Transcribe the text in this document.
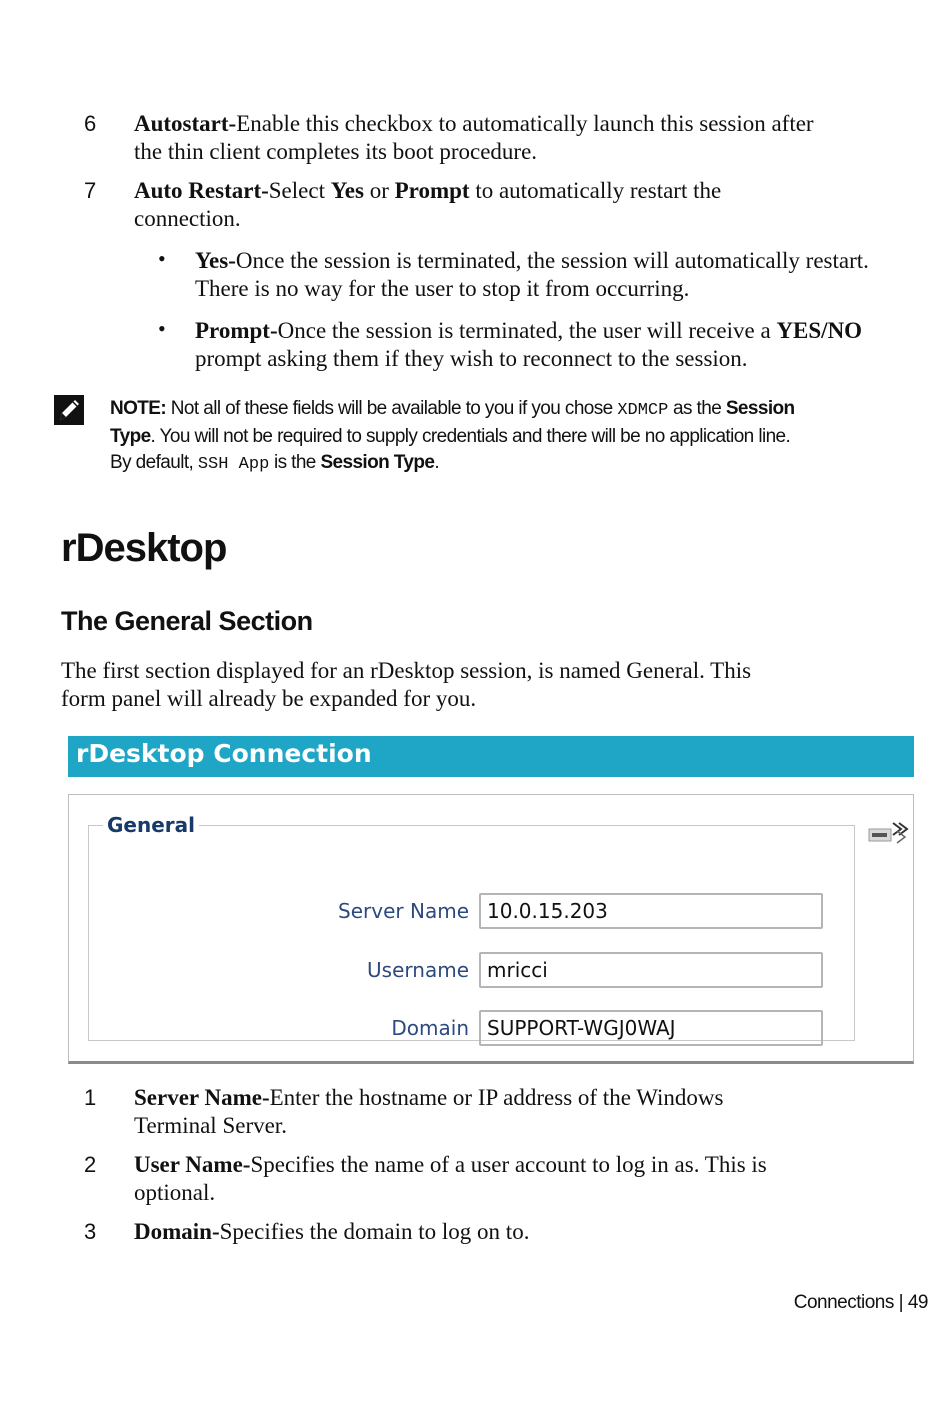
6 Autostart-Enable this checkbox to automatically launch this session after
the thin client completes its boot procedure.
7 Auto Restart-Select Yes or Prompt to automatically restart the
connection.
• Yes-Once the session is terminated, the session will automatically restart.
There is no way for the user to stop it from occurring.
• Prompt-Once the session is terminated, the user will receive a YES/NO
prompt asking them if they wish to reconnect to the session.
NOTE: Not all of these fields will be available to you if you chose XDMCP as the Session
Type. You will not be required to supply credentials and there will be no application line.
By default, SSH App is the Session Type.
rDesktop
The General Section
The first section displayed for an rDesktop session, is named General. This
form panel will already be expanded for you.
rDesktop Connection
General
Server Name 10.0.15.203
Username mricci
Domain SUPPORT-WGJ0WAJ
1 Server Name-Enter the hostname or IP address of the Windows
Terminal Server.
2 User Name-Specifies the name of a user account to log in as. This is
optional.
3 Domain-Specifies the domain to log on to.
Connections | 49
